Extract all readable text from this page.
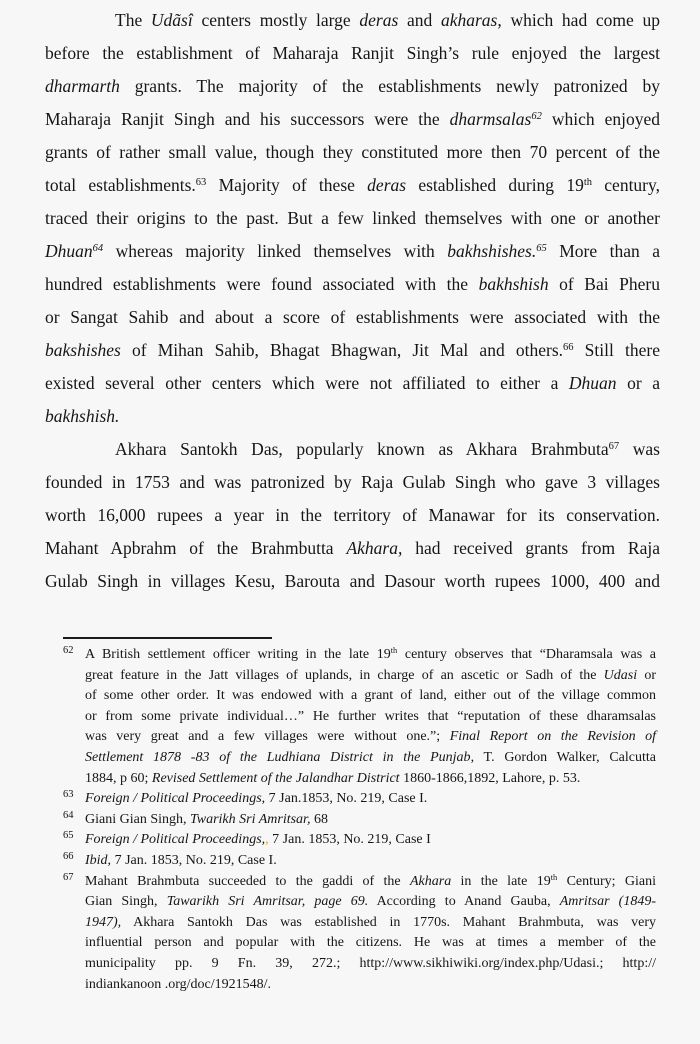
The Udãsî centers mostly large deras and akharas, which had come up
before the establishment of Maharaja Ranjit Singh’s rule enjoyed the largest
dharmarth grants. The majority of the establishments newly patronized by
Maharaja Ranjit Singh and his successors were the dharmsalas$^{62}$ which enjoyed
grants of rather small value, though they constituted more then 70 percent of the
total establishments.$^{63}$ Majority of these deras established during 19th century,
traced their origins to the past. But a few linked themselves with one or another
Dhuan$^{64}$ whereas majority linked themselves with bakhshishes.$^{65}$ More than a
hundred establishments were found associated with the bakhshish of Bai Pheru
or Sangat Sahib and about a score of establishments were associated with the
bakshishes of Mihan Sahib, Bhagat Bhagwan, Jit Mal and others.$^{66}$ Still there
existed several other centers which were not affiliated to either a Dhuan or a
bakhshish.
Akhara Santokh Das, popularly known as Akhara Brahmbuta$^{67}$ was
founded in 1753 and was patronized by Raja Gulab Singh who gave 3 villages
worth 16,000 rupees a year in the territory of Manawar for its conservation.
Mahant Apbrahm of the Brahmbutta Akhara, had received grants from Raja
Gulab Singh in villages Kesu, Barouta and Dasour worth rupees 1000, 400 and
62 A British settlement officer writing in the late 19th century observes that “Dharamsala was a
great feature in the Jatt villages of uplands, in charge of an ascetic or Sadh of the Udasi or
of some other order. It was endowed with a grant of land, either out of the village common
or from some private individual…” He further writes that “reputation of these dharamsalas
was very great and a few villages were without one.”; Final Report on the Revision of
Settlement 1878 -83 of the Ludhiana District in the Punjab, T. Gordon Walker, Calcutta
1884, p 60; Revised Settlement of the Jalandhar District 1860-1866,1892, Lahore, p. 53.
63 Foreign / Political Proceedings, 7 Jan.1853, No. 219, Case I.
64 Giani Gian Singh, Twarikh Sri Amritsar, 68
65 Foreign / Political Proceedings,, 7 Jan. 1853, No. 219, Case I
66 Ibid, 7 Jan. 1853, No. 219, Case I.
67 Mahant Brahmbuta succeeded to the gaddi of the Akhara in the late 19th Century; Giani
Gian Singh, Tawarikh Sri Amritsar, page 69. According to Anand Gauba, Amritsar (1849-
1947), Akhara Santokh Das was established in 1770s. Mahant Brahmbuta, was very
influential person and popular with the citizens. He was at times a member of the
municipality pp. 9 Fn. 39, 272.; http://www.sikhiwiki.org/index.php/Udasi.; http://
indiankanoon .org/doc/1921548/.
